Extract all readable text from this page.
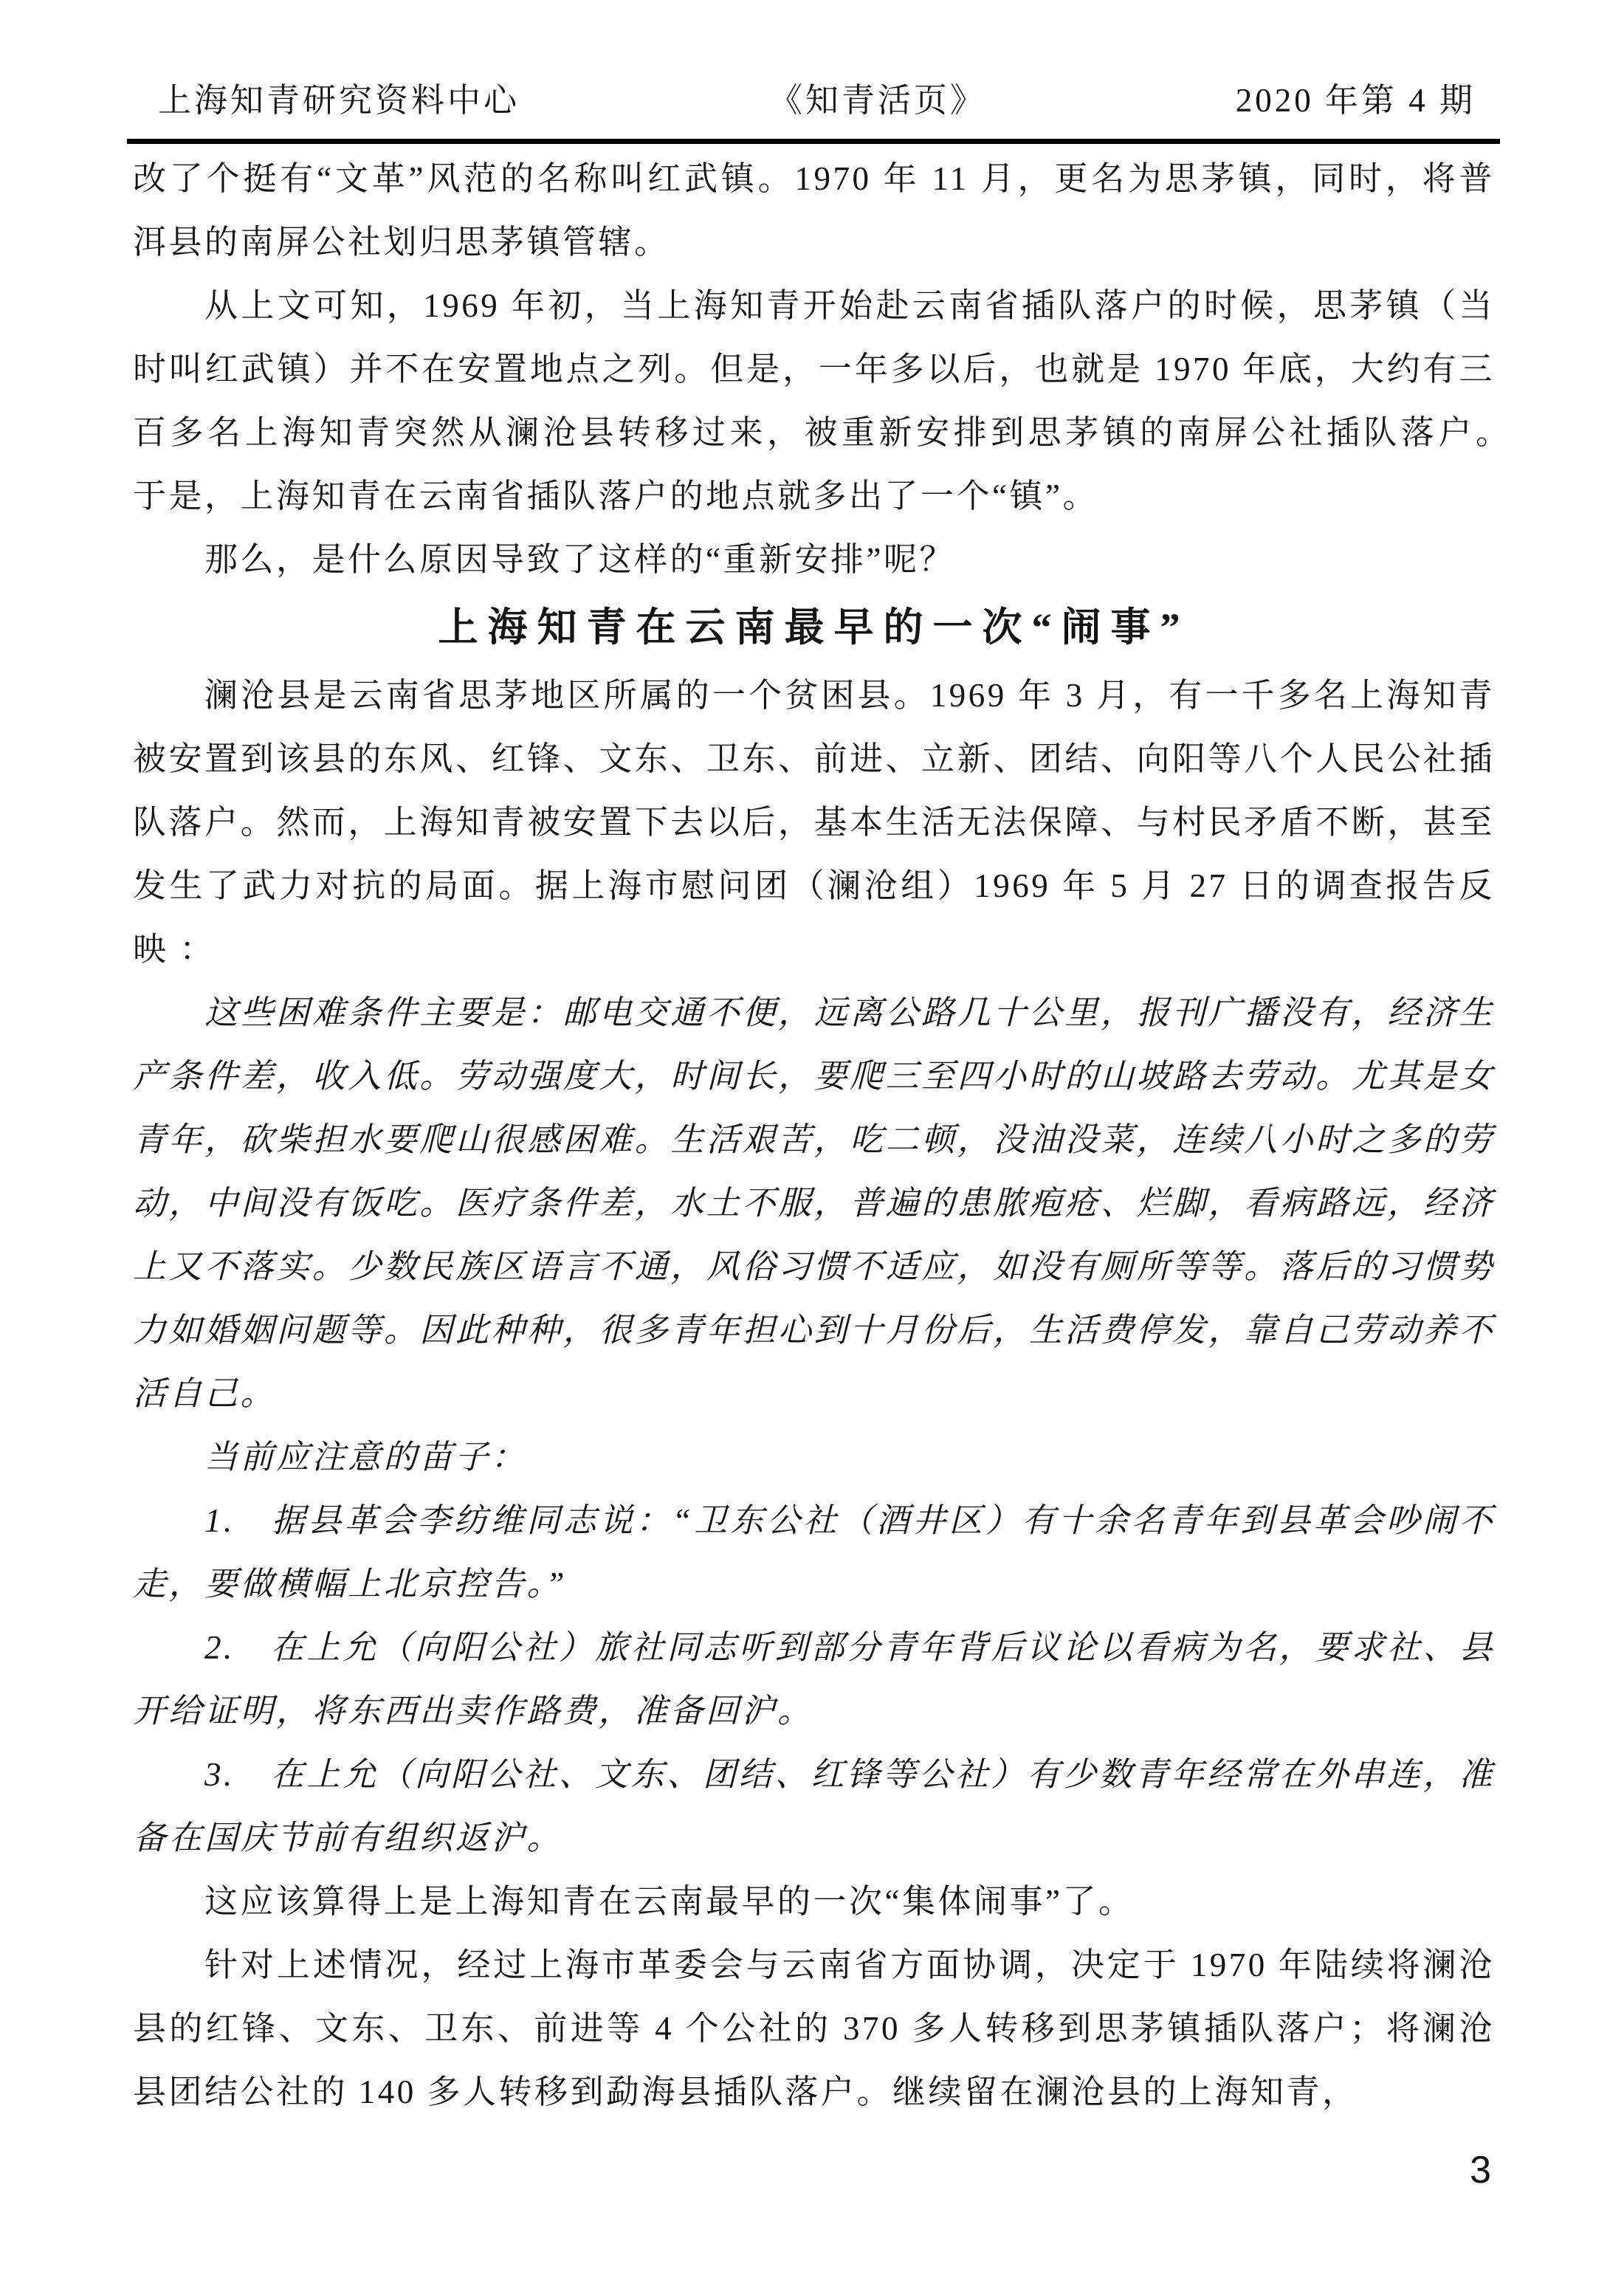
上海知青研究资料中心	《知青活页》	2020 年第 4 期

改了个挺有“文革”风范的名称叫红武镇。1970 年 11 月，更名为思茅镇，同时，将普洱县的南屏公社划归思茅镇管辖。

从上文可知，1969 年初，当上海知青开始赴云南省插队落户的时候，思茅镇（当时叫红武镇）并不在安置地点之列。但是，一年多以后，也就是 1970 年底，大约有三百多名上海知青突然从澜沧县转移过来，被重新安排到思茅镇的南屏公社插队落户。　　于是，上海知青在云南省插队落户的地点就多出了一个“镇”。

那么，是什么原因导致了这样的“重新安排”呢？

上海知青在云南最早的一次“闹事”

澜沧县是云南省思茅地区所属的一个贫困县。1969 年 3 月，有一千多名上海知青被安置到该县的东风、红锋、文东、卫东、前进、立新、团结、向阳等八个人民公社插队落户。然而，上海知青被安置下去以后，基本生活无法保障、与村民矛盾不断，甚至发生了武力对抗的局面。据上海市慰问团（澜沧组）1969 年 5 月 27 日的调查报告反映 ：

这些困难条件主要是：邮电交通不便，远离公路几十公里，报刊广播没有，经济生产条件差，收入低。劳动强度大，时间长，要爬三至四小时的山坡路去劳动。尤其是女青年，砍柴担水要爬山很感困难。生活艰苦，吃二顿，没油没菜，连续八小时之多的劳动，中间没有饭吃。医疗条件差，水土不服，普遍的患脓疱疮、烂脚，看病路远，经济上又不落实。少数民族区语言不通，风俗习惯不适应，如没有厕所等等。落后的习惯势力如婚姻问题等。因此种种，很多青年担心到十月份后，生活费停发，靠自己劳动养不活自己。

当前应注意的苗子：

1.　据县革会李纺维同志说：“卫东公社（酒井区）有十余名青年到县革会吵闹不走，要做横幅上北京控告。”

2.　在上允（向阳公社）旅社同志听到部分青年背后议论以看病为名，要求社、县开给证明，将东西出卖作路费，准备回沪。

3.　在上允（向阳公社、文东、团结、红锋等公社）有少数青年经常在外串连，准备在国庆节前有组织返沪。

这应该算得上是上海知青在云南最早的一次“集体闹事”了。

针对上述情况，经过上海市革委会与云南省方面协调，决定于 1970 年陆续将澜沧县的红锋、文东、卫东、前进等 4 个公社的 370 多人转移到思茅镇插队落户；将澜沧县团结公社的 140 多人转移到勐海县插队落户。继续留在澜沧县的上海知青，

3
